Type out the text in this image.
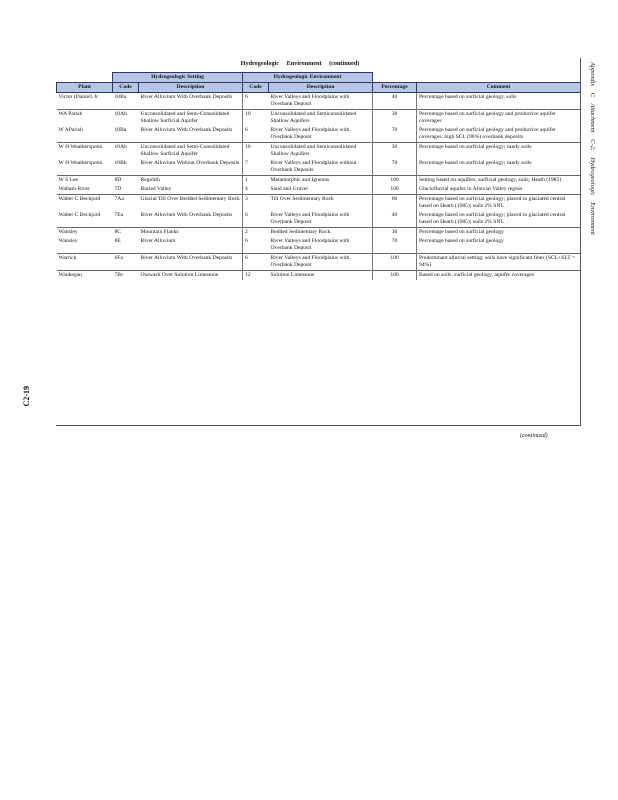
Hydrogeologic Environment (continued)
	Hydrogeologic Setting		Hydrogeologic Environment			
Plant	Code	Description	Code	Description	Percentage	Comment
Victor (Daniel) Jr	10Ba	River Alluvium With Overbank Deposits	6	River Valleys and Floodplains with Overbank Deposit	40	Percentage based on surficial geology, soils
WA Parish	10Ab	Unconsolidated and Semi-Consolidated Shallow Surficial Aquifer	10	Unconsolidated and Semiconsolidated Shallow Aquifers	30	Percentage based on surficial geology and productive aquifer coverages
W AParish	10Ba	River Alluvium With Overbank Deposits	6	River Valleys and Floodplains with Overbank Deposit	70	Percentage based on surficial geology and productive aquifer coverages; high SCL (96%) overbank deposits
W H Weatherspoon	10Ab	Unconsolidated and Semi-Consolidated Shallow Surficial Aquifer	10	Unconsolidated and Semiconsolidated Shallow Aquifers	30	Percentage based on surficial geology; sandy soils
W H Weatherspoon	10Bb	River Alluvium Without Overbank Deposits	7	River Valleys and Floodplains without Overbank Deposits	70	Percentage based on surficial geology; sandy soils
W S Lee	8D	Regolith	1	Metamorphic and Igneous	100	Setting based on aquifers, surficial geology, soils, Heath (1985)
Wabash River	7D	Buried Valley	4	Sand and Gravel	100	Glaciofluvial aquifer in Alluvial Valley region
Walter C Beckjord	7Aa	Glacial Till Over Bedded Sedimentary Rock	3	Till Over Sedimentary Rock	60	Percentage based on surficial geology; placed in glaciated central based on Heath (1985); soils 2% SNL
Walter C Beckjord	7Ea	River Alluvium With Overbank Deposits	6	River Valleys and Floodplains with Overbank Deposit	40	Percentage based on surficial geology; placed in glaciated central based on Heath (1985); soils 2% SNL
Wansley	8C	Mountain Flanks	2	Bedded Sedimentary Rock	30	Percentage based on surficial geology
Wansley	8E	River Alluvium	6	River Valleys and Floodplains with Overbank Deposit	70	Percentage based on surficial geology
Warrick	6Fa	River Alluvium With Overbank Deposits	6	River Valleys and Floodplains with Overbank Deposit	100	Predominant alluvial setting; soils have significant fines (SCL+SLT = 94%)
Waukegan	7Bc	Outwash Over Solution Limestone	12	Solution Limestone	100	Based on soils, surficial geology, aquifer coverages
(continued)
Appendix C Attachment C-2: Hydrogeologic Environment
C2-19
